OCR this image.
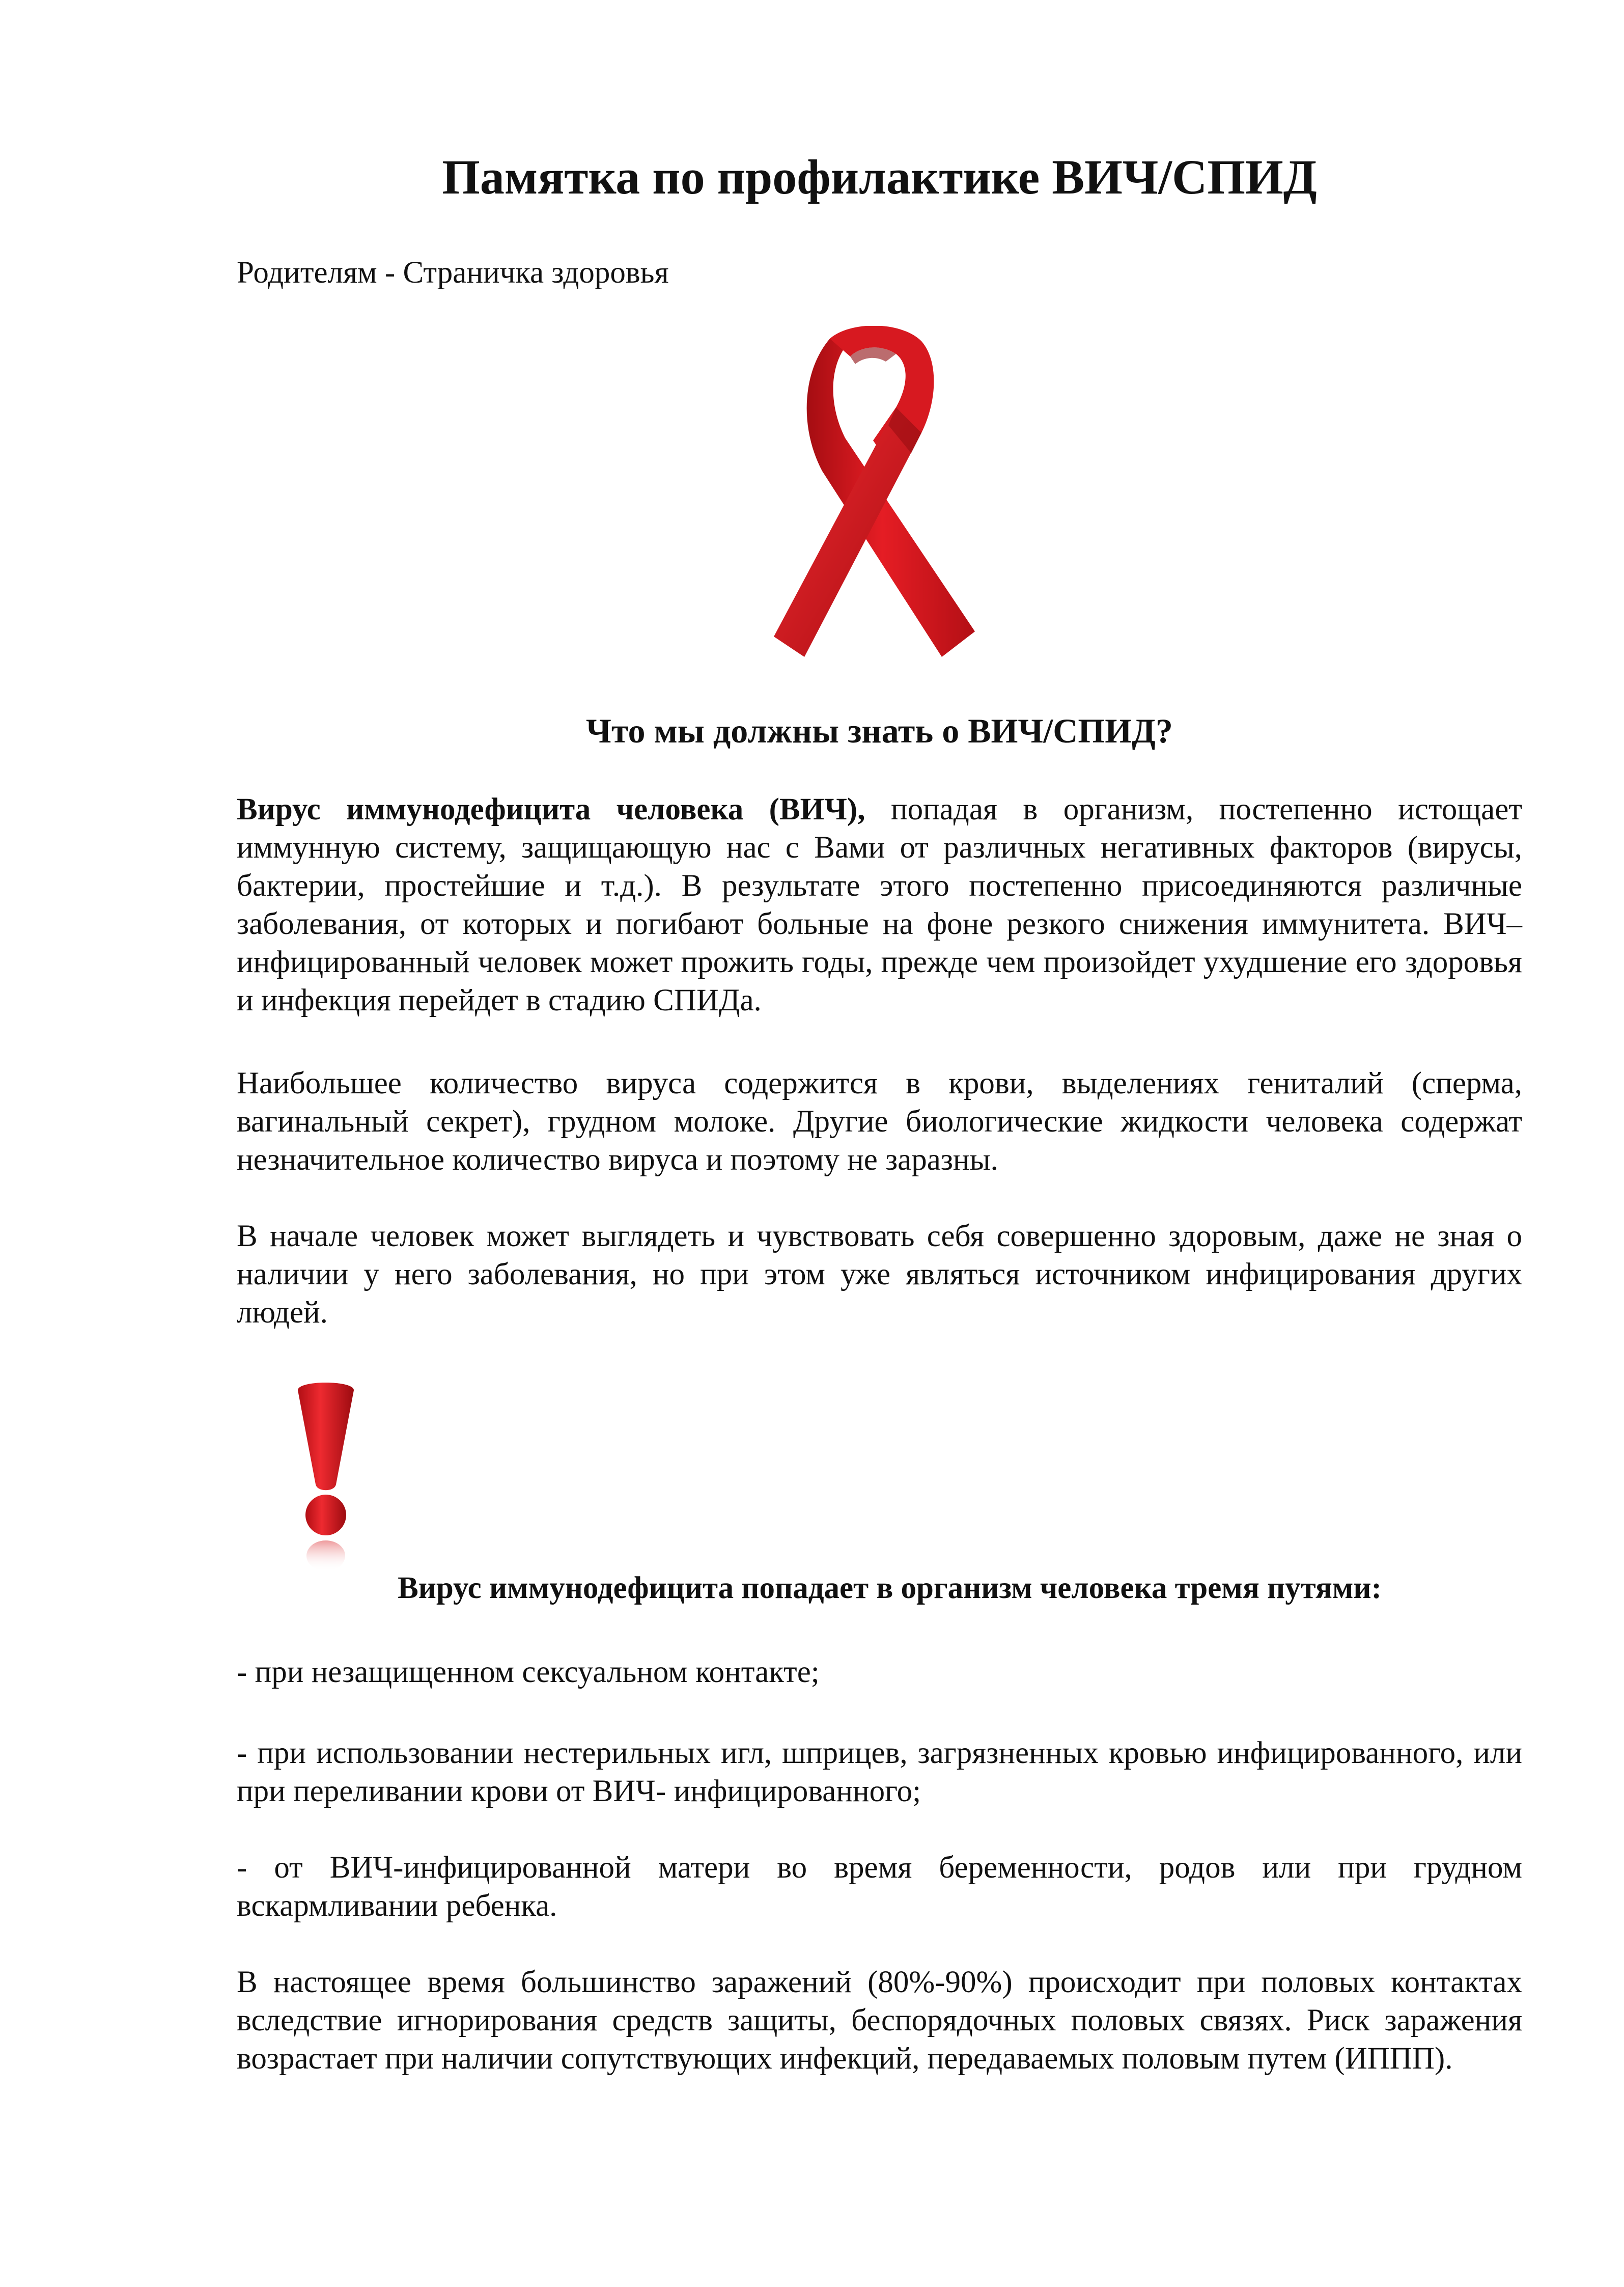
Памятка по профилактике ВИЧ/СПИД
Родителям - Страничка здоровья
Что мы должны знать о ВИЧ/СПИД?
Вирус иммунодефицита человека (ВИЧ), попадая в организм, постепенно истощает иммунную систему, защищающую нас с Вами от различных негативных факторов (вирусы, бактерии, простейшие и т.д.). В результате этого постепенно присоединяются различные заболевания, от которых и погибают больные на фоне резкого снижения иммунитета. ВИЧ–инфицированный человек может прожить годы, прежде чем произойдет ухудшение его здоровья и инфекция перейдет в стадию СПИДа.
Наибольшее количество вируса содержится в крови, выделениях гениталий (сперма, вагинальный секрет), грудном молоке. Другие биологические жидкости человека содержат незначительное количество вируса и поэтому не заразны.
В начале человек может выглядеть и чувствовать себя совершенно здоровым, даже не зная о наличии у него заболевания, но при этом уже являться источником инфицирования других людей.
Вирус иммунодефицита попадает в организм человека тремя путями:
- при незащищенном сексуальном контакте;
- при использовании нестерильных игл, шприцев, загрязненных кровью инфицированного, или при переливании крови от ВИЧ- инфицированного;
- от ВИЧ-инфицированной матери во время беременности, родов или при грудном вскармливании ребенка.
В настоящее время большинство заражений (80%-90%) происходит при половых контактах вследствие игнорирования средств защиты, беспорядочных половых связях. Риск заражения возрастает при наличии сопутствующих инфекций, передаваемых половым путем (ИППП).
